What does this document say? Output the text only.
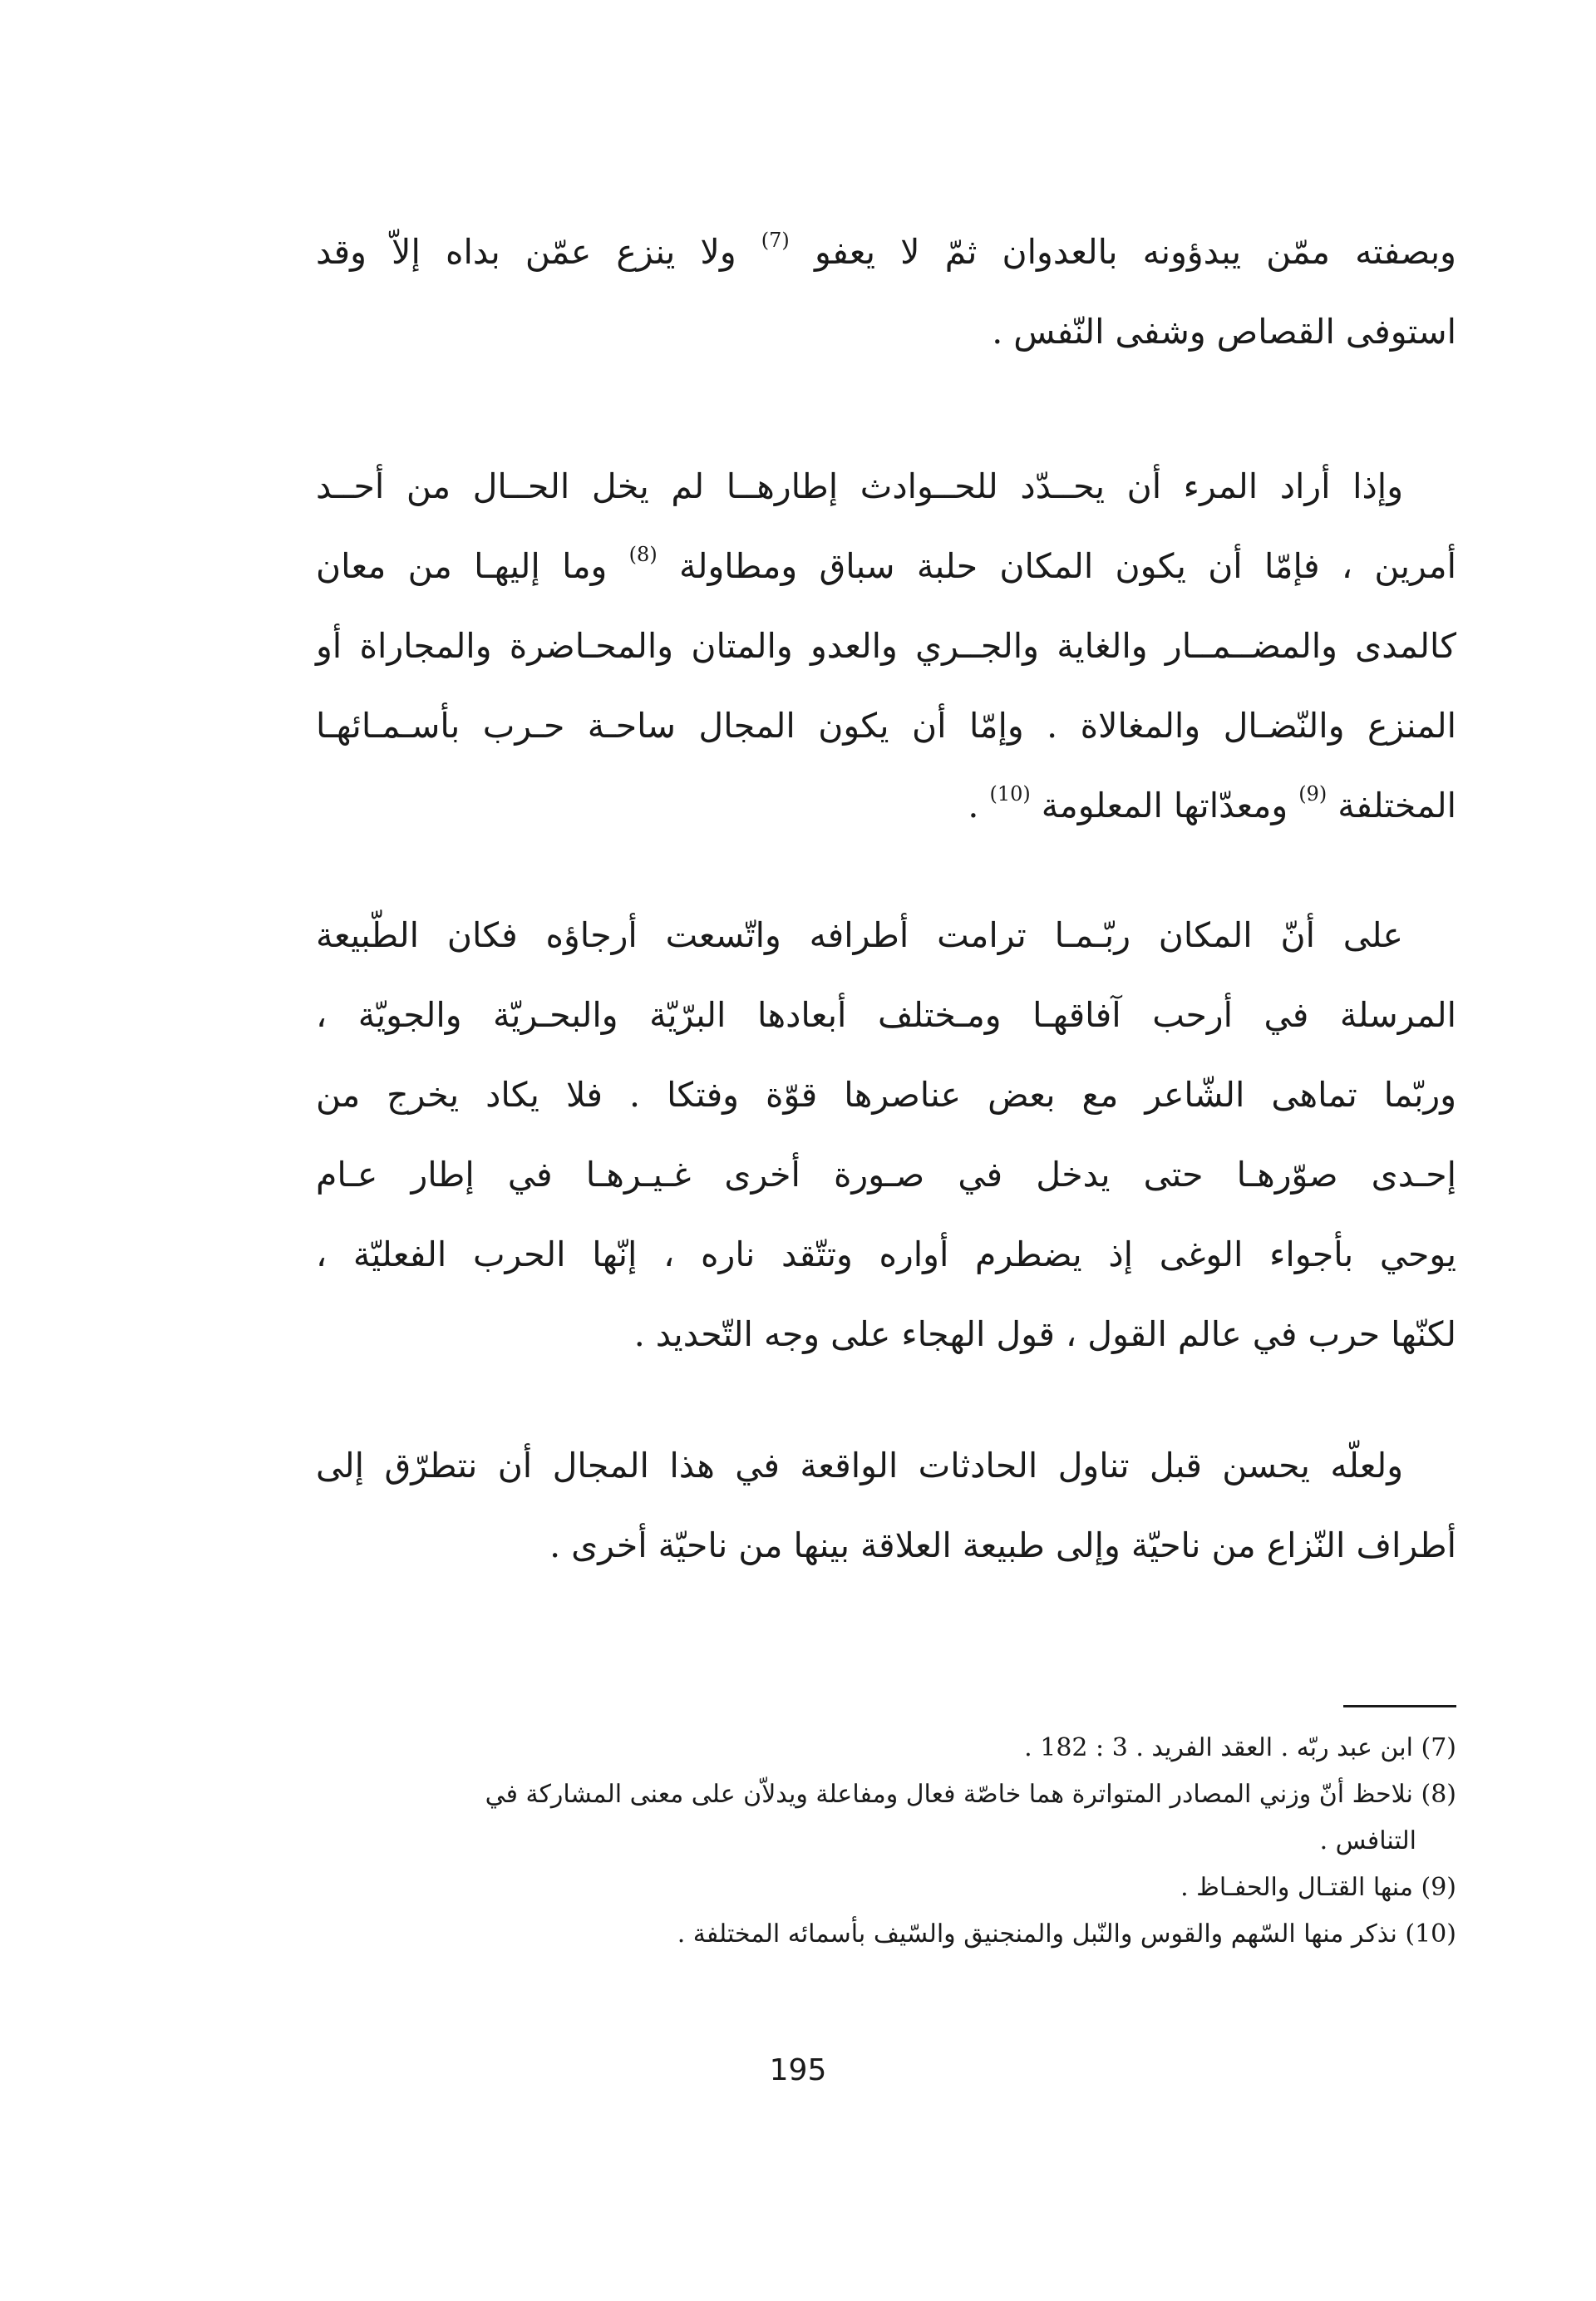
وبصفته ممّن يبدؤونه بالعدوان ثمّ لا يعفو $^{(7)}$ ولا ينزع عمّن بداه إلاّ وقد
استوفى القصاص وشفى النّفس .
وإذا أراد المرء أن يحــدّد للحــوادث إطارهــا لم يخل الحــال من أحــد
أمرين ، فإمّا أن يكون المكان حلبة سباق ومطاولة $^{(8)}$ وما إليهـا من معان
كالمدى والمضــمــار والغاية والجــري والعدو والمتان والمحـاضرة والمجاراة أو
المنزع والنّضـال والمغالاة . وإمّا أن يكون المجال ساحـة حـرب بأسـمـائهـا
المختلفة $^{(9)}$ ومعدّاتها المعلومة $^{(10)}$ .
على أنّ المكان ربّـمـا ترامت أطرافه واتّسعت أرجاؤه فكان الطّبيعة
المرسلة في أرحب آفاقهـا ومـختلف أبعادها البرّيّة والبحـريّة والجويّة ،
وربّما تماهى الشّاعر مع بعض عناصرها قوّة وفتكا . فلا يكاد يخرج من
إحـدى صوّرهـا حتى يدخل في صـورة أخرى غـيـرهـا في إطار عـام
يوحي بأجواء الوغى إذ يضطرم أواره وتتّقد ناره ، إنّها الحرب الفعليّة ،
لكنّها حرب في عالم القول ، قول الهجاء على وجه التّحديد .
ولعلّه يحسن قبل تناول الحادثات الواقعة في هذا المجال أن نتطرّق إلى
أطراف النّزاع من ناحيّة وإلى طبيعة العلاقة بينها من ناحيّة أخرى .
(7) ابن عبد ربّه . العقد الفريد . 3 : 182 .
(8) نلاحظ أنّ وزني المصادر المتواترة هما خاصّة فعال ومفاعلة ويدلاّن على معنى المشاركة في
التنافس .
(9) منها القتـال والحفـاظ .
(10) نذكر منها السّهم والقوس والنّبل والمنجنيق والسّيف بأسمائه المختلفة .
195
